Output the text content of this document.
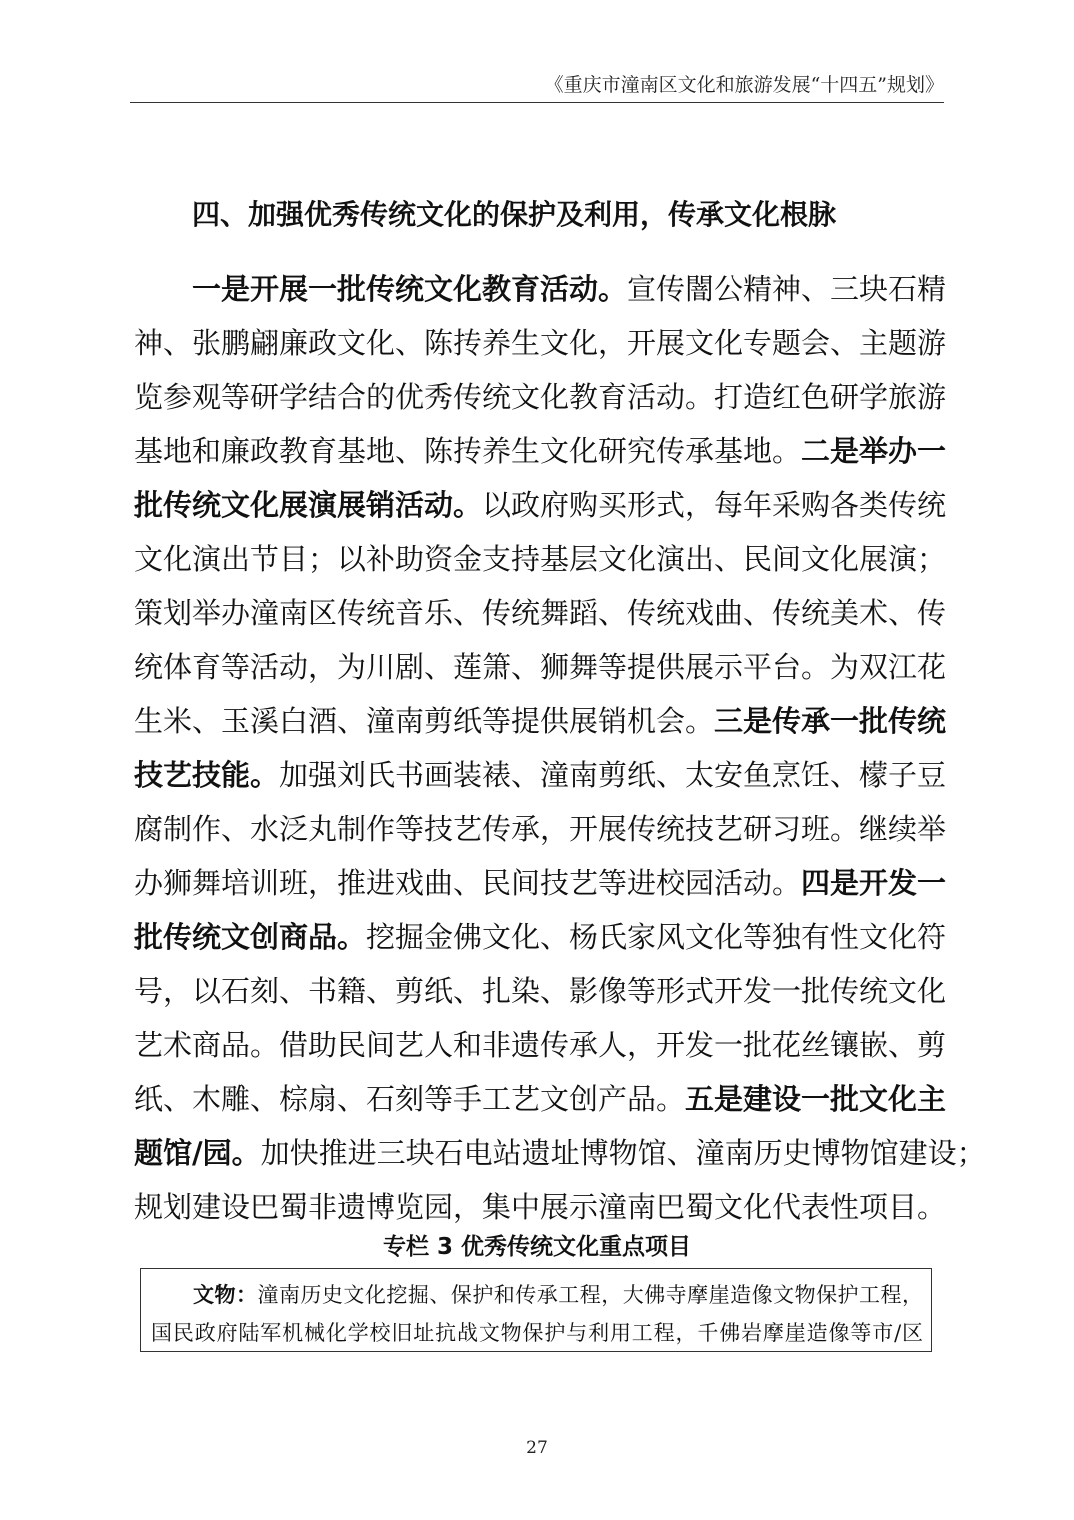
《重庆市潼南区文化和旅游发展“十四五”规划》
四、加强优秀传统文化的保护及利用，传承文化根脉
一是开展一批传统文化教育活动。宣传闇公精神、三块石精
神、张鹏翩廉政文化、陈抟养生文化，开展文化专题会、主题游
览参观等研学结合的优秀传统文化教育活动。打造红色研学旅游
基地和廉政教育基地、陈抟养生文化研究传承基地。二是举办一
批传统文化展演展销活动。以政府购买形式，每年采购各类传统
文化演出节目；以补助资金支持基层文化演出、民间文化展演；
策划举办潼南区传统音乐、传统舞蹈、传统戏曲、传统美术、传
统体育等活动，为川剧、莲箫、狮舞等提供展示平台。为双江花
生米、玉溪白酒、潼南剪纸等提供展销机会。三是传承一批传统
技艺技能。加强刘氏书画装裱、潼南剪纸、太安鱼烹饪、檬子豆
腐制作、水泛丸制作等技艺传承，开展传统技艺研习班。继续举
办狮舞培训班，推进戏曲、民间技艺等进校园活动。四是开发一
批传统文创商品。挖掘金佛文化、杨氏家风文化等独有性文化符
号，以石刻、书籍、剪纸、扎染、影像等形式开发一批传统文化
艺术商品。借助民间艺人和非遗传承人，开发一批花丝镶嵌、剪
纸、木雕、棕扇、石刻等手工艺文创产品。五是建设一批文化主
题馆/园。加快推进三块石电站遗址博物馆、潼南历史博物馆建设；
规划建设巴蜀非遗博览园，集中展示潼南巴蜀文化代表性项目。
专栏 3 优秀传统文化重点项目
文物：潼南历史文化挖掘、保护和传承工程，大佛寺摩崖造像文物保护工程，
国民政府陆军机械化学校旧址抗战文物保护与利用工程，千佛岩摩崖造像等市/区
27
